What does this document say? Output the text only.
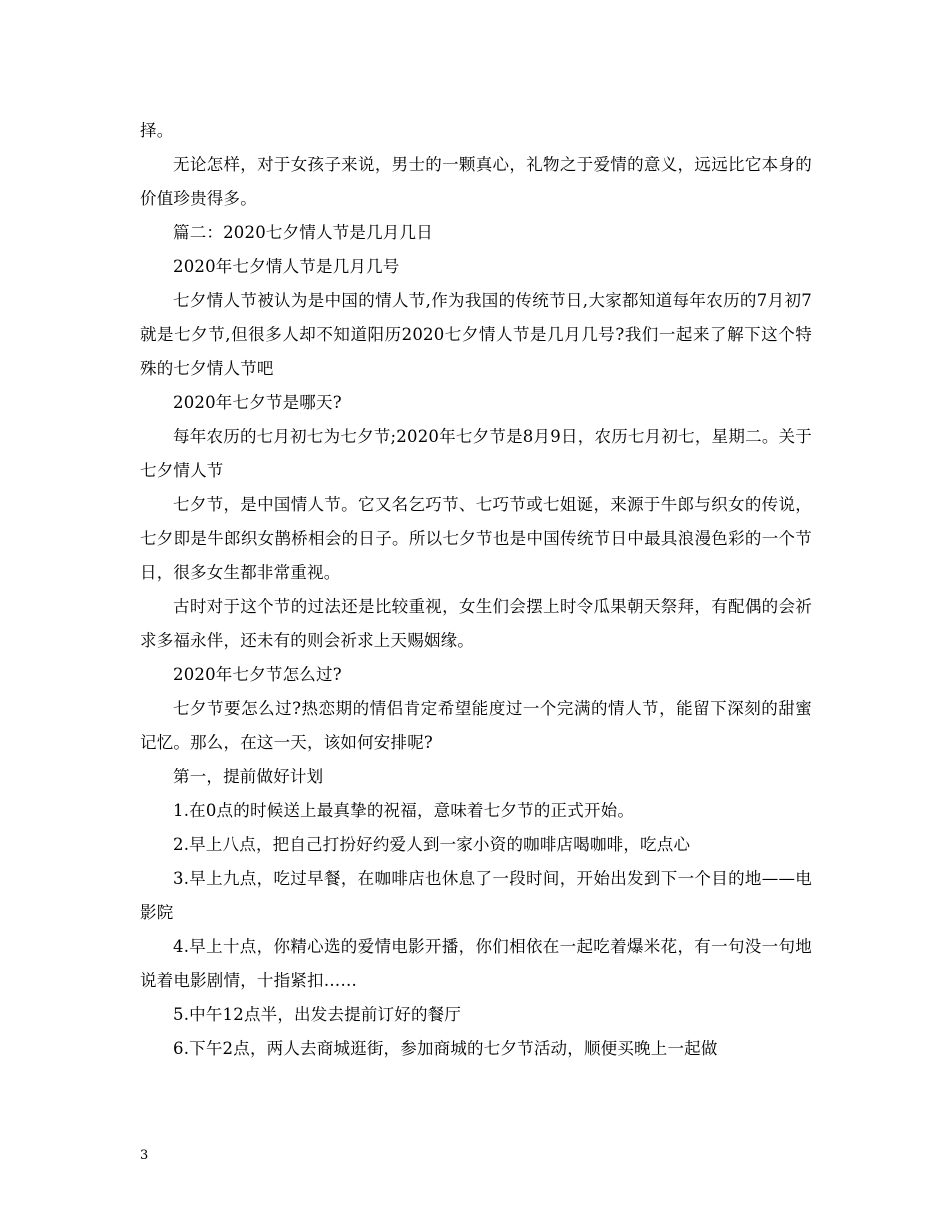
择。

无论怎样，对于女孩子来说，男士的一颗真心，礼物之于爱情的意义，远远比它本身的价值珍贵得多。

篇二：2020七夕情人节是几月几日

2020年七夕情人节是几月几号

七夕情人节被认为是中国的情人节,作为我国的传统节日,大家都知道每年农历的7月初7就是七夕节,但很多人却不知道阳历2020七夕情人节是几月几号?我们一起来了解下这个特殊的七夕情人节吧

2020年七夕节是哪天?

每年农历的七月初七为七夕节;2020年七夕节是8月9日，农历七月初七，星期二。关于七夕情人节

七夕节，是中国情人节。它又名乞巧节、七巧节或七姐诞，来源于牛郎与织女的传说，七夕即是牛郎织女鹊桥相会的日子。所以七夕节也是中国传统节日中最具浪漫色彩的一个节日，很多女生都非常重视。

古时对于这个节的过法还是比较重视，女生们会摆上时令瓜果朝天祭拜，有配偶的会祈求多福永伴，还未有的则会祈求上天赐姻缘。

2020年七夕节怎么过?

七夕节要怎么过?热恋期的情侣肯定希望能度过一个完满的情人节，能留下深刻的甜蜜记忆。那么，在这一天，该如何安排呢?

第一，提前做好计划

1.在0点的时候送上最真挚的祝福，意味着七夕节的正式开始。

2.早上八点，把自己打扮好约爱人到一家小资的咖啡店喝咖啡，吃点心

3.早上九点，吃过早餐，在咖啡店也休息了一段时间，开始出发到下一个目的地——电影院

4.早上十点，你精心选的爱情电影开播，你们相依在一起吃着爆米花，有一句没一句地说着电影剧情，十指紧扣……

5.中午12点半，出发去提前订好的餐厅

6.下午2点，两人去商城逛街，参加商城的七夕节活动，顺便买晚上一起做

3
